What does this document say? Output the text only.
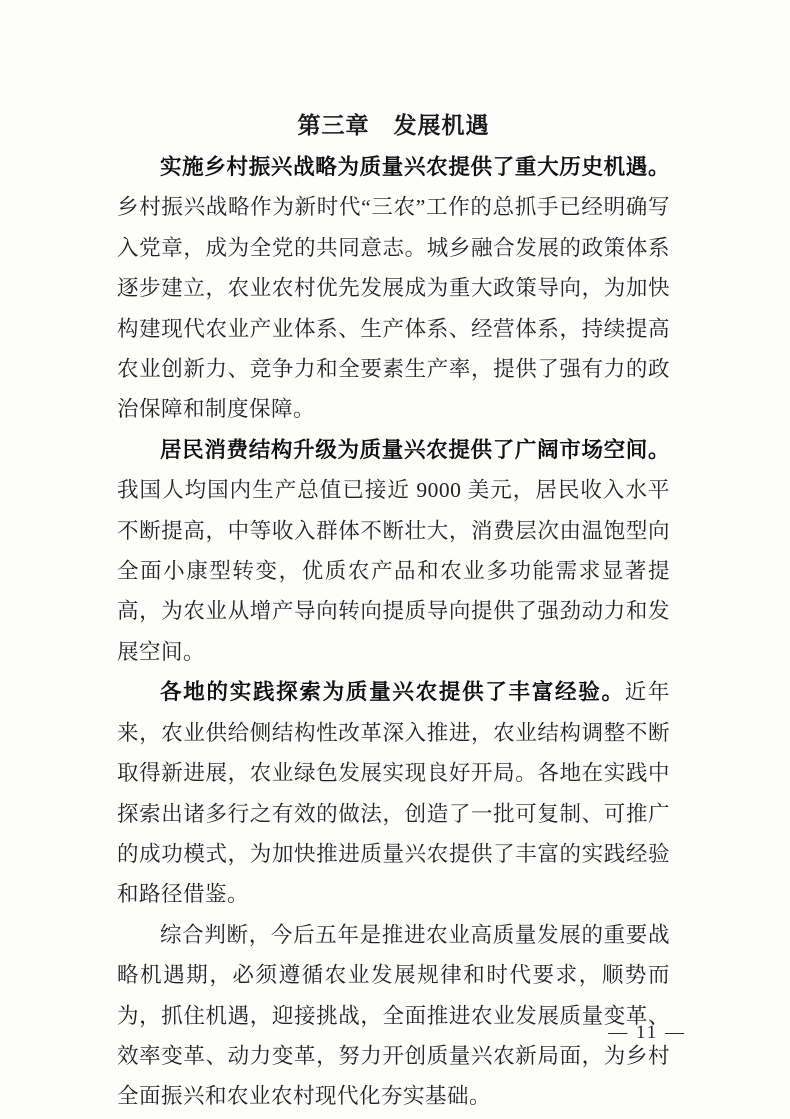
第三章　发展机遇

实施乡村振兴战略为质量兴农提供了重大历史机遇。乡村振兴战略作为新时代“三农”工作的总抓手已经明确写入党章，成为全党的共同意志。城乡融合发展的政策体系逐步建立，农业农村优先发展成为重大政策导向，为加快构建现代农业产业体系、生产体系、经营体系，持续提高农业创新力、竞争力和全要素生产率，提供了强有力的政治保障和制度保障。

居民消费结构升级为质量兴农提供了广阔市场空间。我国人均国内生产总值已接近 9000 美元，居民收入水平不断提高，中等收入群体不断壮大，消费层次由温饱型向全面小康型转变，优质农产品和农业多功能需求显著提高，为农业从增产导向转向提质导向提供了强劲动力和发展空间。

各地的实践探索为质量兴农提供了丰富经验。近年来，农业供给侧结构性改革深入推进，农业结构调整不断取得新进展，农业绿色发展实现良好开局。各地在实践中探索出诸多行之有效的做法，创造了一批可复制、可推广的成功模式，为加快推进质量兴农提供了丰富的实践经验和路径借鉴。

综合判断，今后五年是推进农业高质量发展的重要战略机遇期，必须遵循农业发展规律和时代要求，顺势而为，抓住机遇，迎接挑战，全面推进农业发展质量变革、效率变革、动力变革，努力开创质量兴农新局面，为乡村全面振兴和农业农村现代化夯实基础。

— 11 —
